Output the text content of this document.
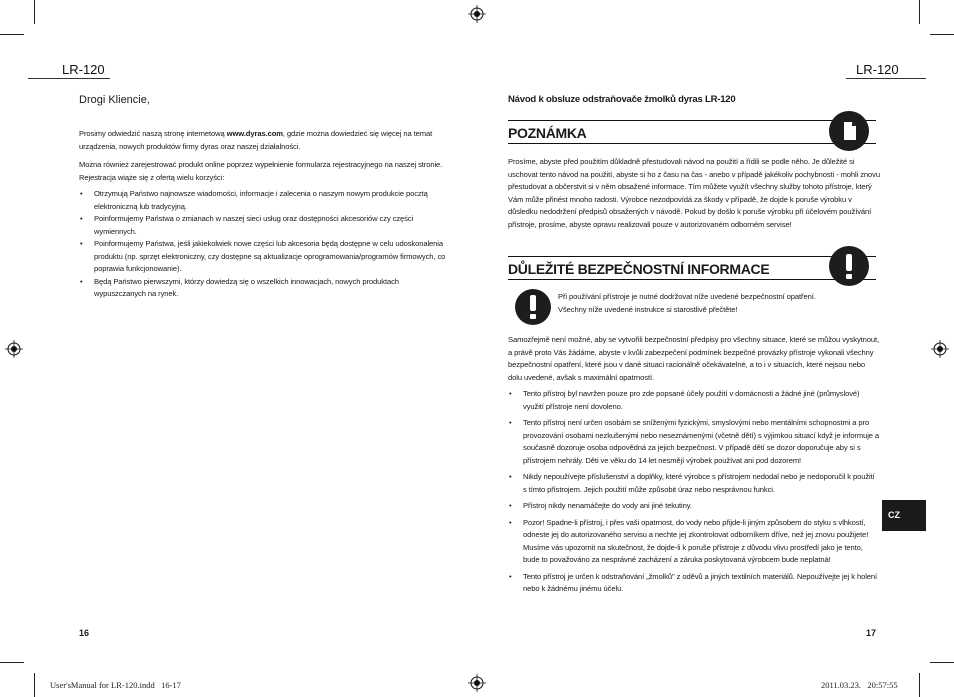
LR-120
Drogi Kliencie,
Prosimy odwiedzić naszą stronę internetową www.dyras.com, gdzie można dowiedzieć się więcej na temat urządzenia, nowych produktów firmy dyras oraz naszej działalności.
Można również zarejestrować produkt online poprzez wypełnienie formularza rejestracyjnego na naszej stronie. Rejestracja wiąże się z ofertą wielu korzyści:
• Otrzymują Państwo najnowsze wiadomości, informacje i zalecenia o naszym nowym produkcie pocztą elektroniczną lub tradycyjną.
• Poinformujemy Państwa o zmianach w naszej sieci usług oraz dostępności akcesoriów czy części wymiennych.
• Poinformujemy Państwa, jeśli jakiekolwiek nowe części lub akcesoria będą dostępne w celu udoskonalenia produktu (np. sprzęt elektroniczny, czy dostępne są aktualizacje oprogramowania/programów firmowych, co poprawia funkcjonowanie).
• Będą Państwo pierwszymi, którzy dowiedzą się o wszelkich innowacjach, nowych produktach wypuszczanych na rynek.
16
LR-120
Návod k obsluze odstraňovače žmolků dyras LR-120
POZNÁMKA
Prosíme, abyste před použitím důkladně přestudovali návod na použití a řídili se podle něho. Je důležité si uschovat tento návod na použití, abyste si ho z času na čas - anebo v případě jakékoliv pochybnosti - mohli znovu přestudovat a občerstvit si v něm obsažené informace. Tím můžete využít všechny služby tohoto přístroje, který Vám může přinést mnoho radosti. Výrobce nezodpovídá za škody v případě, že dojde k poruše výrobku v důsledku nedodržení předpisů obsažených v návodě. Pokud by došlo k poruše výrobku při účelovém používání přístroje, prosíme, abyste opravu realizovali pouze v autorizovaném odborném servise!
DŮLEŽITÉ BEZPEČNOSTNÍ INFORMACE
Při používání přístroje je nutné dodržovat níže uvedené bezpečnostní opatření.
Všechny níže uvedené instrukce si starostlivě přečtěte!
Samozřejmě není možné, aby se vytvořili bezpečnostní předpisy pro všechny situace, které se můžou vyskytnout, a právě proto Vás žádáme, abyste v kvůli zabezpečení podmínek bezpečné provázky přístroje vykonali všechny bezpečnostní opatření, které jsou v dané situaci racionálně očekávatelné, a to i v situacích, které nejsou nebo dolu uvedené, avšak s maximální opatrností.
• Tento přístroj byl navržen pouze pro zde popsané účely použití v domácnosti a žádné jiné (průmyslové) využití přístroje není dovoleno.
• Tento přístroj není určen osobám se sníženými fyzickými, smyslovými nebo mentálními schopnostmi a pro provozování osobami nezkušenými nebo neseznámenými (včetně dětí) s výjimkou situací když je informuje a současně dozoruje osoba odpovědná za jejich bezpečnost. V případě dětí se dozor doporučuje aby si s přístrojem nehrály. Děti ve věku do 14 let nesmějí výrobek používat ani pod dozorem!
• Nikdy nepoužívejte příslušenství a doplňky, které výrobce s přístrojem nedodal nebo je nedoporučil k použití s tímto přístrojem. Jejich použití může způsobit úraz nebo nesprávnou funkci.
• Přístroj nikdy nenamáčejte do vody ani jiné tekutiny.
• Pozor! Spadne-li přístroj, i přes vaši opatrnost, do vody nebo přijde-li jiným způsobem do styku s vlhkostí, odneste jej do autorizovaného servisu a nechte jej zkontrolovat odborníkem dříve, než jej znovu použijete! Musíme vás upozornit na skutečnost, že dojde-li k poruše přístroje z důvodu vlivu prostředí jako je tento, bude to považováno za nesprávné zacházení a záruka poskytovaná výrobcem bude neplatná!
• Tento přístroj je určen k odstraňování „žmolků" z oděvů a jiných textilních materiálů. Nepoužívejte jej k holení nebo k žádnému jinému účelu.
CZ
17
User'sManual for LR-120.indd   16-17	2011.03.23.   20:57:55
